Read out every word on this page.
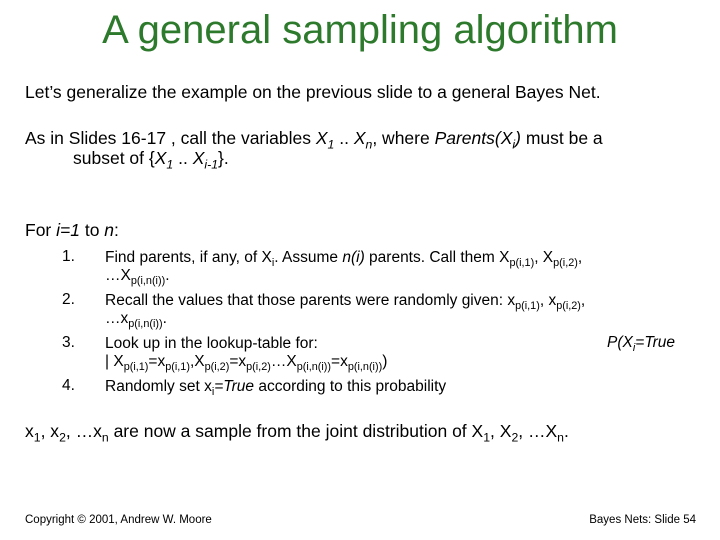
A general sampling algorithm
Let’s generalize the example on the previous slide to a general Bayes Net.
As in Slides 16-17 , call the variables $X_1$ .. $X_n$, where $Parents(X_i)$ must be a
subset of {$X_1$ .. $X_{i-1}$}.
For i=1 to n:
1. Find parents, if any, of $X_i$. Assume n(i) parents. Call them $X_{p(i,1)}$, $X_{p(i,2)}$,
$\dots X_{p(i,n(i))}$.
2. Recall the values that those parents were randomly given: $x_{p(i,1)}$, $x_{p(i,2)}$,
$\dots x_{p(i,n(i))}$.
3. Look up in the lookup-table for:	$P(X_i=True$
| $X_{p(i,1)}=x_{p(i,1)},X_{p(i,2)}=x_{p(i,2)}\dots X_{p(i,n(i))}=x_{p(i,n(i))}$)
4. Randomly set $x_i=True$ according to this probability
$x_1$, $x_2$, $\dots x_n$ are now a sample from the joint distribution of $X_1$, $X_2$, $\dots X_n$.
Copyright © 2001, Andrew W. Moore	Bayes Nets: Slide 54
